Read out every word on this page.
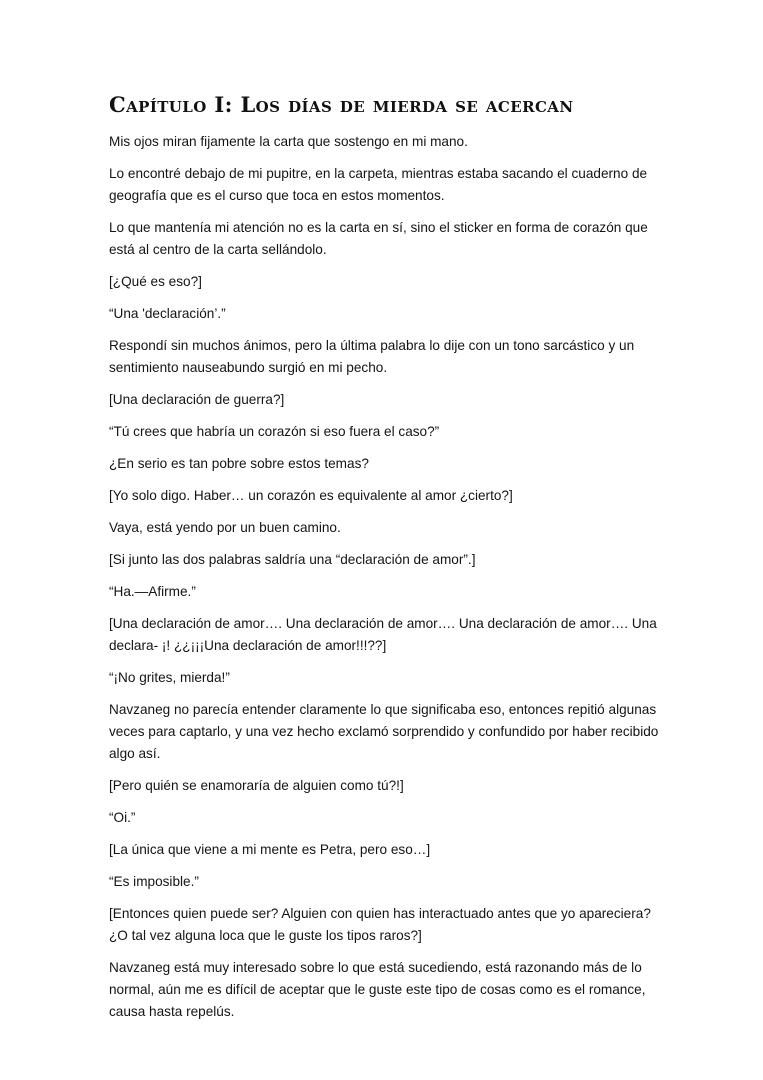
Capítulo I: Los días de mierda se acercan

Mis ojos miran fijamente la carta que sostengo en mi mano.

Lo encontré debajo de mi pupitre, en la carpeta, mientras estaba sacando el cuaderno de geografía que es el curso que toca en estos momentos.

Lo que mantenía mi atención no es la carta en sí, sino el sticker en forma de corazón que está al centro de la carta sellándolo.

[¿Qué es eso?]

“Una 'declaración’.”

Respondí sin muchos ánimos, pero la última palabra lo dije con un tono sarcástico y un sentimiento nauseabundo surgió en mi pecho.

[Una declaración de guerra?]

“Tú crees que habría un corazón si eso fuera el caso?”

¿En serio es tan pobre sobre estos temas?

[Yo solo digo. Haber… un corazón es equivalente al amor ¿cierto?]

Vaya, está yendo por un buen camino.

[Si junto las dos palabras saldría una “declaración de amor”.]

“Ha.—Afirme.”

[Una declaración de amor…. Una declaración de amor…. Una declaración de amor…. Una declara- ¡! ¿¿¡¡¡Una declaración de amor!!!??]

“¡No grites, mierda!”

Navzaneg no parecía entender claramente lo que significaba eso, entonces repitió algunas veces para captarlo, y una vez hecho exclamó sorprendido y confundido por haber recibido algo así.

[Pero quién se enamoraría de alguien como tú?!]

“Oi.”

[La única que viene a mi mente es Petra, pero eso…]

“Es imposible.”

[Entonces quien puede ser? Alguien con quien has interactuado antes que yo apareciera? ¿O tal vez alguna loca que le guste los tipos raros?]

Navzaneg está muy interesado sobre lo que está sucediendo, está razonando más de lo normal, aún me es difícil de aceptar que le guste este tipo de cosas como es el romance, causa hasta repelús.
